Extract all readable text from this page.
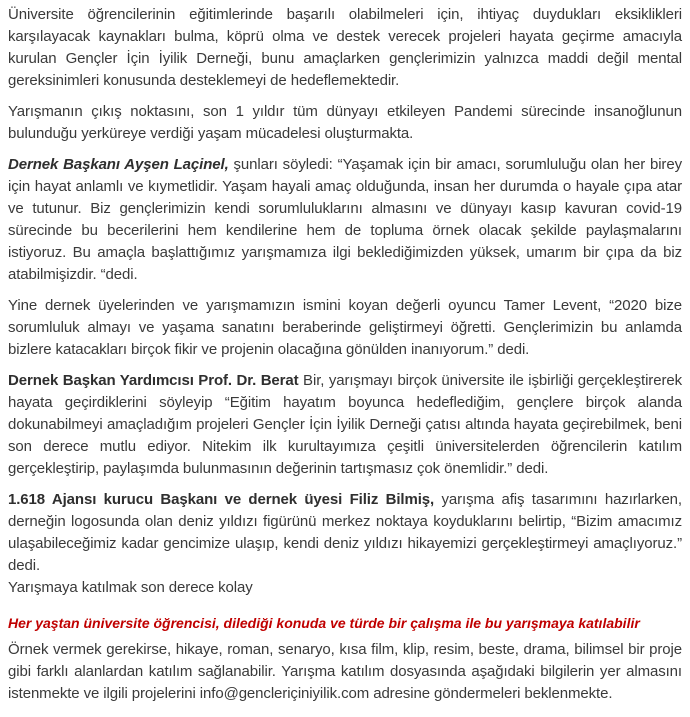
Üniversite öğrencilerinin eğitimlerinde başarılı olabilmeleri için, ihtiyaç duydukları eksiklikleri karşılayacak kaynakları bulma, köprü olma ve destek verecek projeleri hayata geçirme amacıyla kurulan Gençler İçin İyilik Derneği, bunu amaçlarken gençlerimizin yalnızca maddi değil mental gereksinimleri konusunda desteklemeyi de hedeflemektedir.

Yarışmanın çıkış noktasını, son 1 yıldır tüm dünyayı etkileyen Pandemi sürecinde insanoğlunun bulunduğu yerküreye verdiği yaşam mücadelesi oluşturmakta.

Dernek Başkanı Ayşen Laçinel, şunları söyledi: “Yaşamak için bir amacı, sorumluluğu olan her birey için hayat anlamlı ve kıymetlidir. Yaşam hayali amaç olduğunda, insan her durumda o hayale çıpa atar ve tutunur. Biz gençlerimizin kendi sorumluluklarını almasını ve dünyayı kasıp kavuran covid-19 sürecinde bu becerilerini hem kendilerine hem de topluma örnek olacak şekilde paylaşmalarını istiyoruz. Bu amaçla başlattığımız yarışmamıza ilgi beklediğimizden yüksek, umarım bir çıpa da biz atabilmişizdir. “dedi.

Yine dernek üyelerinden ve yarışmamızın ismini koyan değerli oyuncu Tamer Levent, “2020 bize sorumluluk almayı ve yaşama sanatını beraberinde geliştirmeyi öğretti. Gençlerimizin bu anlamda bizlere katacakları birçok fikir ve projenin olacağına gönülden inanıyorum.” dedi.

Dernek Başkan Yardımcısı Prof. Dr. Berat Bir, yarışmayı birçok üniversite ile işbirliği gerçekleştirerek hayata geçirdiklerini söyleyip “Eğitim hayatım boyunca hedeflediğim, gençlere birçok alanda dokunabilmeyi amaçladığım projeleri Gençler İçin İyilik Derneği çatısı altında hayata geçirebilmek, beni son derece mutlu ediyor. Nitekim ilk kurultayımıza çeşitli üniversitelerden öğrencilerin katılım gerçekleştirip, paylaşımda bulunmasının değerinin tartışmasız çok önemlidir.” dedi.

1.618 Ajansı kurucu Başkanı ve dernek üyesi Filiz Bilmiş, yarışma afiş tasarımını hazırlarken, derneğin logosunda olan deniz yıldızı figürünü merkez noktaya koyduklarını belirtip, “Bizim amacımız ulaşabileceğimiz kadar gencimize ulaşıp, kendi deniz yıldızı hikayemizi gerçekleştirmeyi amaçlıyoruz.” dedi.

Yarışmaya katılmak son derece kolay

Her yaştan üniversite öğrencisi, dilediği konuda ve türde bir çalışma ile bu yarışmaya katılabilir

Örnek vermek gerekirse, hikaye, roman, senaryo, kısa film, klip, resim, beste, drama, bilimsel bir proje gibi farklı alanlardan katılım sağlanabilir. Yarışma katılım dosyasında aşağıdaki bilgilerin yer almasını istenmekte ve ilgili projelerini info@gencleriçiniyilik.com adresine göndermeleri beklenmekte.
